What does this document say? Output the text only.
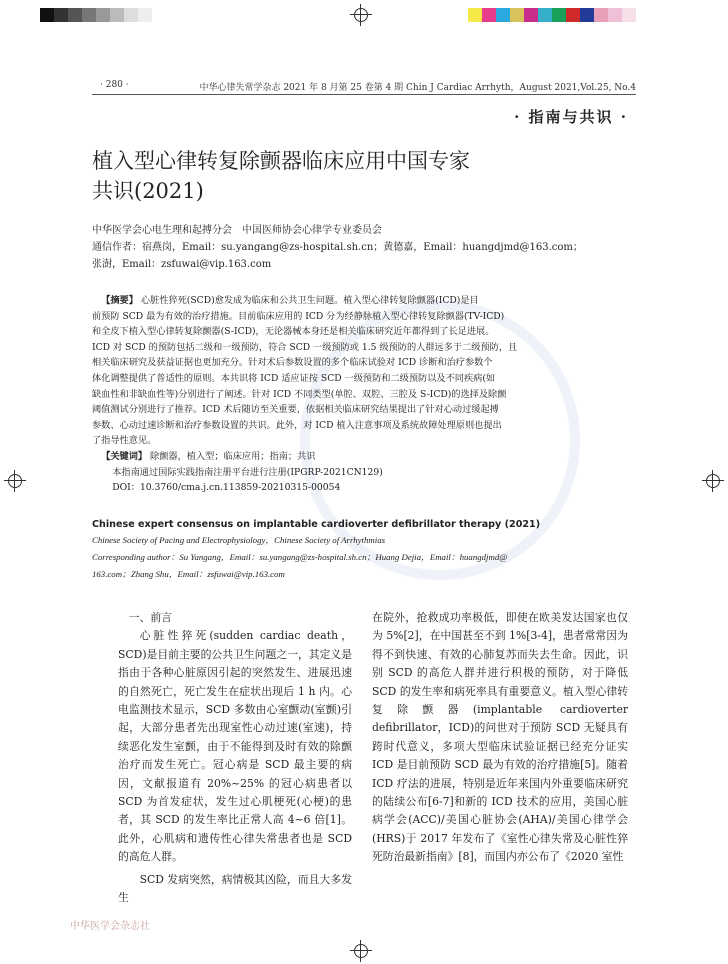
· 280 ·	中华心律失常学杂志 2021 年 8 月第 25 卷第 4 期 Chin J Cardiac Arrhyth，August 2021,Vol.25, No.4
· 指南与共识 ·
植入型心律转复除颤器临床应用中国专家
共识(2021)
中华医学会心电生理和起搏分会　中国医师协会心律学专业委员会
通信作者：宿燕岗，Email：su.yangang@zs-hospital.sh.cn；黄德嘉，Email：huangdjmd@163.com；
张澍，Email：zsfuwai@vip.163.com
【摘要】 心脏性猝死(SCD)愈发成为临床和公共卫生问题。植入型心律转复除颤器(ICD)是目
前预防 SCD 最为有效的治疗措施。目前临床应用的 ICD 分为经静脉植入型心律转复除颤器(TV-ICD)
和全皮下植入型心律转复除颤器(S-ICD)，无论器械本身还是相关临床研究近年都得到了长足进展。
ICD 对 SCD 的预防包括二级和一级预防，符合 SCD 一级预防或 1.5 级预防的人群远多于二级预防，且
相关临床研究及获益证据也更加充分。针对术后参数设置的多个临床试验对 ICD 诊断和治疗参数个
体化调整提供了普适性的原则。本共识将 ICD 适应证按 SCD 一级预防和二级预防以及不同疾病(如
缺血性和非缺血性等)分别进行了阐述。针对 ICD 不同类型(单腔、双腔、三腔及 S-ICD)的选择及除颤
阈值测试分别进行了推荐。ICD 术后随访至关重要，依据相关临床研究结果提出了针对心动过缓起搏
参数、心动过速诊断和治疗参数设置的共识。此外，对 ICD 植入注意事项及系统故障处理原则也提出
了指导性意见。
【关键词】 除颤器，植入型；临床应用；指南；共识
本指南通过国际实践指南注册平台进行注册(IPGRP-2021CN129)
DOI：10.3760/cma.j.cn.113859-20210315-00054
Chinese expert consensus on implantable cardioverter defibrillator therapy (2021)
Chinese Society of Pacing and Electrophysiology，Chinese Society of Arrhythmias
Corresponding author：Su Yangang，Email：su.yangang@zs-hospital.sh.cn；Huang Dejia，Email：huangdjmd@
163.com；Zhang Shu，Email：zsfuwai@vip.163.com

一、前言

心脏性猝死(sudden cardiac death，SCD)是目前主要的公共卫生问题之一，其定义是指由于各种心脏原因引起的突然发生、进展迅速的自然死亡，死亡发生在症状出现后 1 h 内。心电监测技术显示，SCD 多数由心室颤动(室颤)引起，大部分患者先出现室性心动过速(室速)，持续恶化发生室颤，由于不能得到及时有效的除颤治疗而发生死亡。冠心病是 SCD 最主要的病因，文献报道有 20%~25% 的冠心病患者以 SCD 为首发症状，发生过心肌梗死(心梗)的患者，其 SCD 的发生率比正常人高 4~6 倍[1]。此外，心肌病和遗传性心律失常患者也是 SCD 的高危人群。

SCD 发病突然，病情极其凶险，而且大多发生

在院外，抢救成功率极低，即使在欧美发达国家也仅为 5%[2]，在中国甚至不到 1%[3-4]，患者常常因为得不到快速、有效的心肺复苏而失去生命。因此，识别 SCD 的高危人群并进行积极的预防，对于降低 SCD 的发生率和病死率具有重要意义。植入型心律转复除颤器(implantable cardioverter defibrillator，ICD)的问世对于预防 SCD 无疑具有跨时代意义，多项大型临床试验证据已经充分证实 ICD 是目前预防 SCD 最为有效的治疗措施[5]。随着 ICD 疗法的进展，特别是近年来国内外重要临床研究的陆续公布[6-7]和新的 ICD 技术的应用，美国心脏病学会(ACC)/美国心脏协会(AHA)/美国心律学会(HRS)于 2017 年发布了《室性心律失常及心脏性猝死防治最新指南》[8]，而国内亦公布了《2020 室性

中华医学会杂志社
